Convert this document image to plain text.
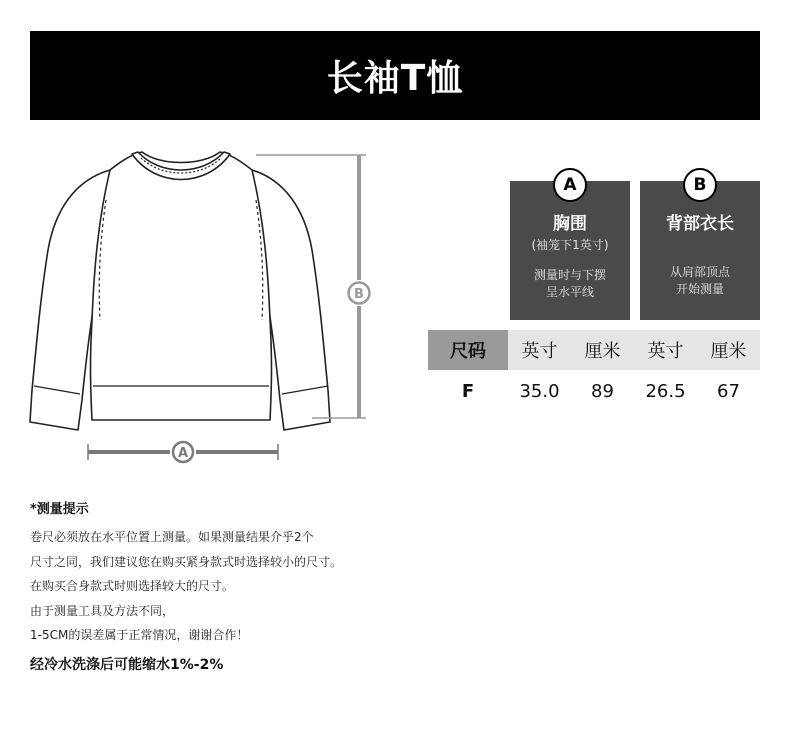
长袖T恤
B
A
胸围
(袖笼下1英寸)
测量时与下摆
呈水平线
A
背部衣长
从肩部顶点
开始测量
B
尺码	英寸	厘米	英寸	厘米
F	35.0	89	26.5	67
*测量提示
卷尺必须放在水平位置上测量。如果测量结果介乎2个
尺寸之同，我们建议您在购买紧身款式时选择较小的尺寸。
在购买合身款式时则选择较大的尺寸。
由于测量工具及方法不同，
1-5CM的误差属于正常情况，谢谢合作！
经冷水洗涤后可能缩水1%-2%
